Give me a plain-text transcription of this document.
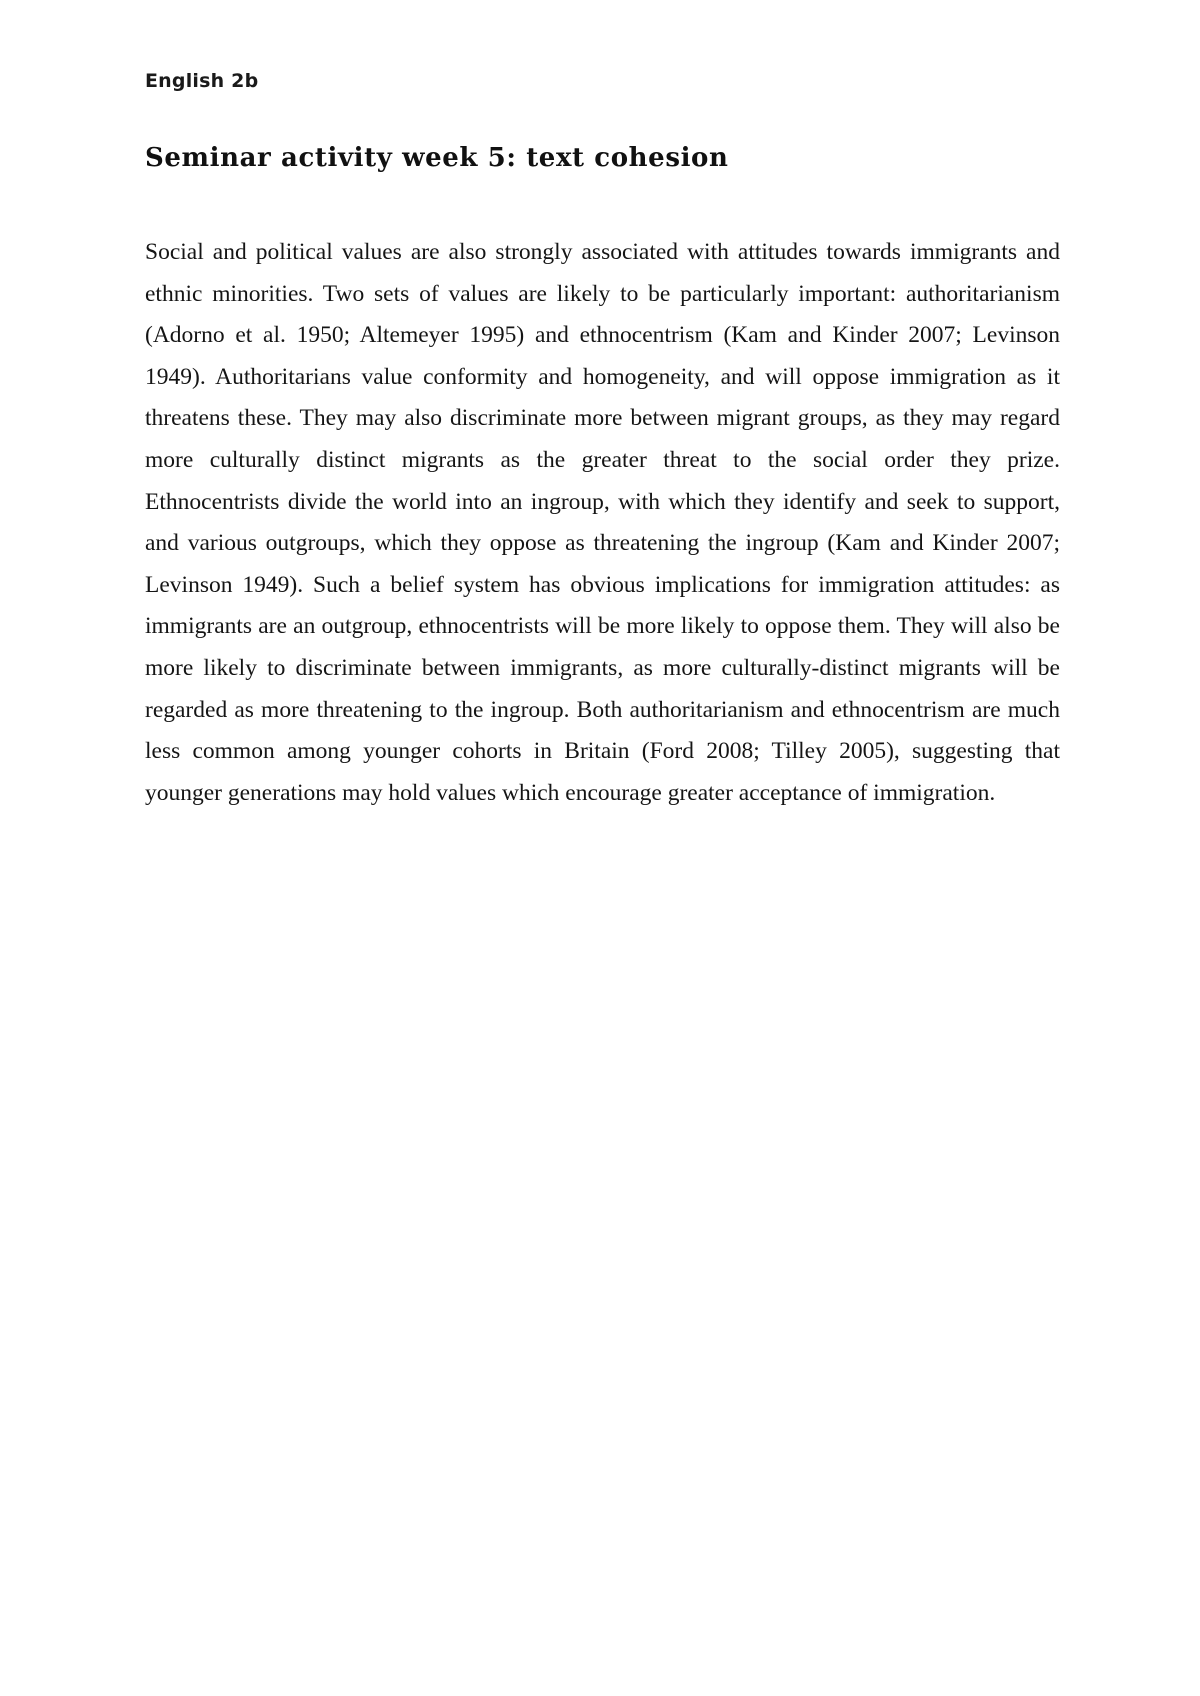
English 2b
Seminar activity week 5: text cohesion

Social and political values are also strongly associated with attitudes towards immigrants and ethnic minorities. Two sets of values are likely to be particularly important: authoritarianism (Adorno et al. 1950; Altemeyer 1995) and ethnocentrism (Kam and Kinder 2007; Levinson 1949). Authoritarians value conformity and homogeneity, and will oppose immigration as it threatens these. They may also discriminate more between migrant groups, as they may regard more culturally distinct migrants as the greater threat to the social order they prize. Ethnocentrists divide the world into an ingroup, with which they identify and seek to support, and various outgroups, which they oppose as threatening the ingroup (Kam and Kinder 2007; Levinson 1949). Such a belief system has obvious implications for immigration attitudes: as immigrants are an outgroup, ethnocentrists will be more likely to oppose them. They will also be more likely to discriminate between immigrants, as more culturally-distinct migrants will be regarded as more threatening to the ingroup. Both authoritarianism and ethnocentrism are much less common among younger cohorts in Britain (Ford 2008; Tilley 2005), suggesting that younger generations may hold values which encourage greater acceptance of immigration.
